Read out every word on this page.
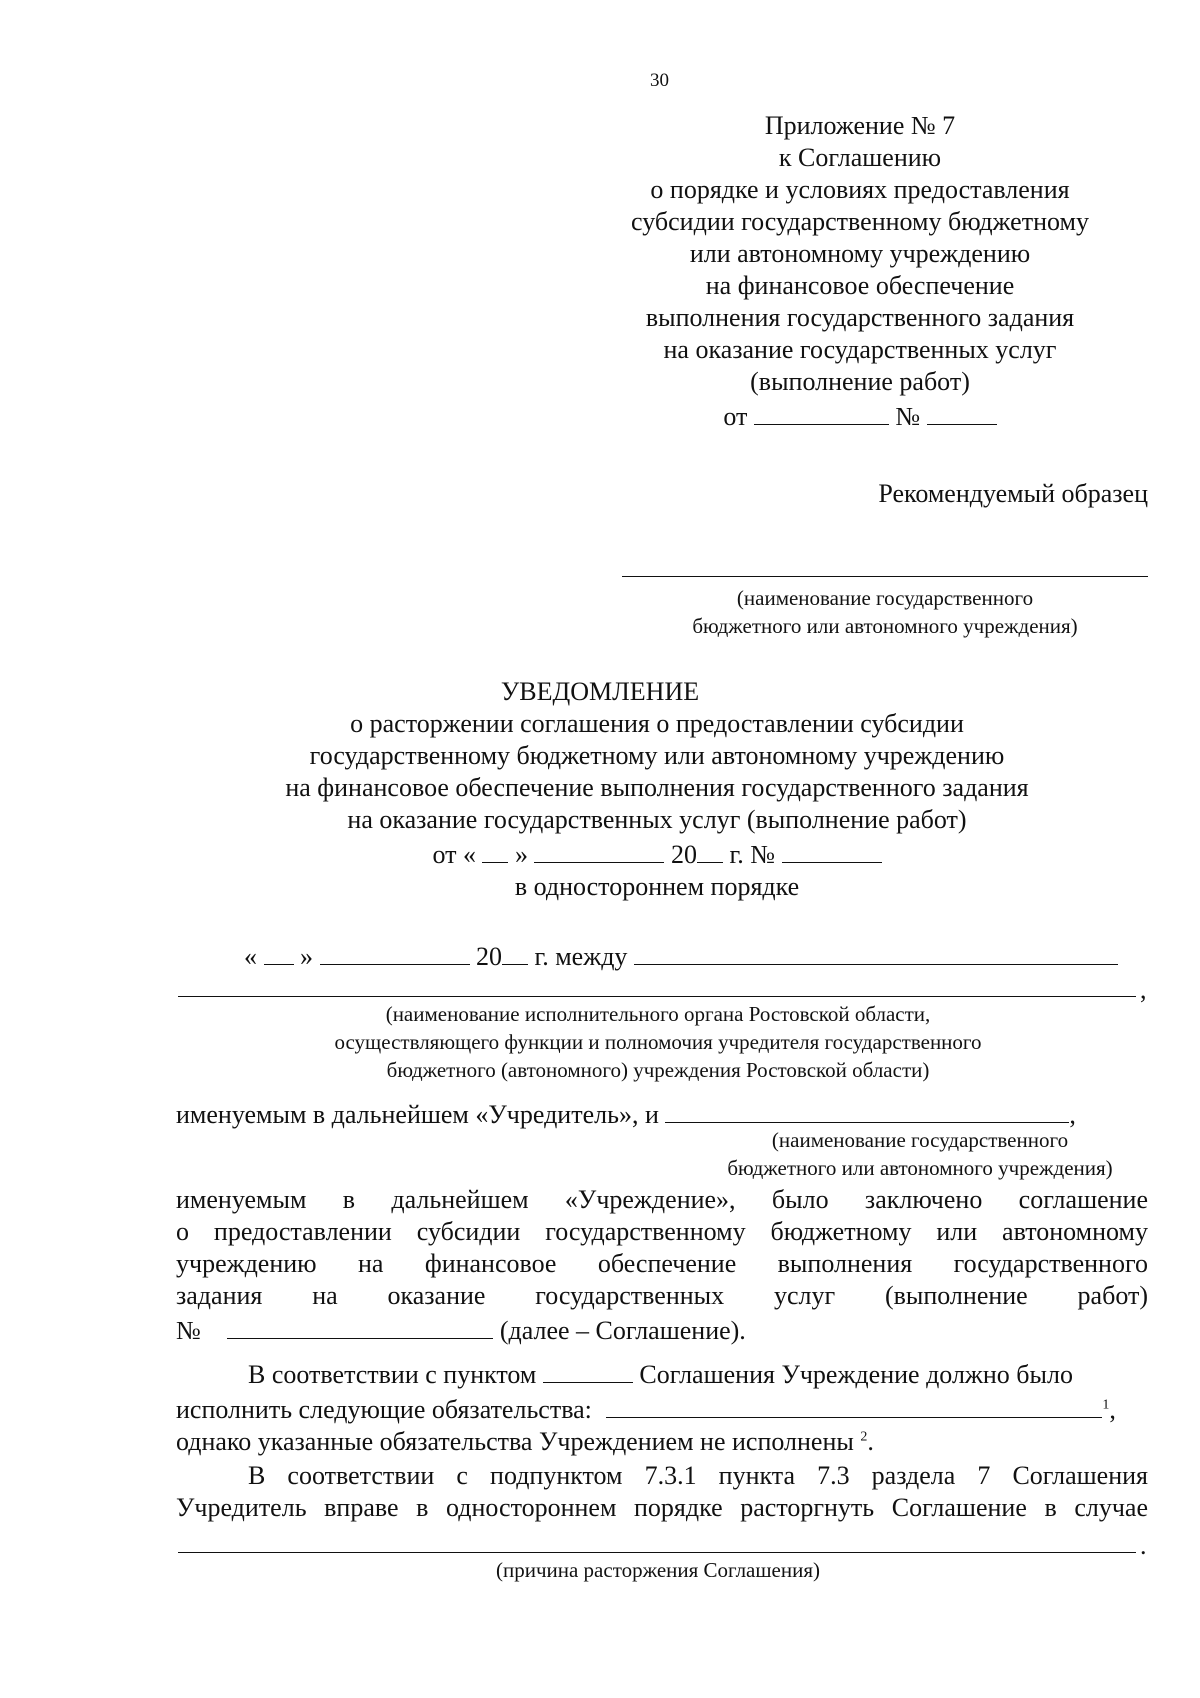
30
Приложение № 7
к Соглашению
о порядке и условиях предоставления
субсидии государственному бюджетному
или автономному учреждению
на финансовое обеспечение
выполнения государственного задания
на оказание государственных услуг
(выполнение работ)
от	№
Рекомендуемый образец
(наименование государственного
бюджетного или автономного учреждения)
УВЕДОМЛЕНИЕ
о расторжении соглашения о предоставлении субсидии
государственному бюджетному или автономному учреждению
на финансовое обеспечение выполнения государственного задания
на оказание государственных услуг (выполнение работ)
от « »	20 г. №
в одностороннем порядке
« »	20 г. между
,
(наименование исполнительного органа Ростовской области,
осуществляющего функции и полномочия учредителя государственного
бюджетного (автономного) учреждения Ростовской области)
именуемым в дальнейшем «Учредитель», и	,
(наименование государственного
бюджетного или автономного учреждения)
именуемым в дальнейшем «Учреждение», было заключено соглашение
о предоставлении субсидии государственному бюджетному или автономному
учреждению на финансовое обеспечение выполнения государственного
задания на оказание государственных услуг (выполнение работ)
№	(далее – Соглашение).
В соответствии с пунктом	Соглашения Учреждение должно было
исполнить следующие обязательства:	$^1$,
однако указанные обязательства Учреждением не исполнены $^2$.
В соответствии с подпунктом 7.3.1 пункта 7.3 раздела 7 Соглашения
Учредитель вправе в одностороннем порядке расторгнуть Соглашение в случае
.
(причина расторжения Соглашения)
